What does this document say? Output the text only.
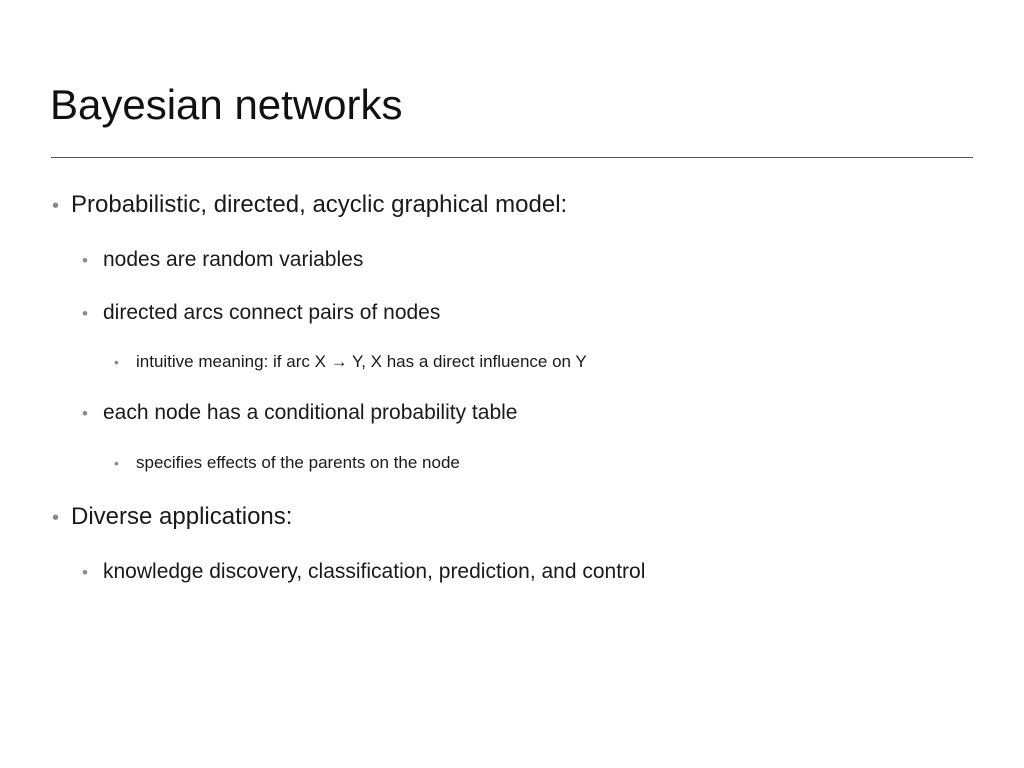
Bayesian networks
• Probabilistic, directed, acyclic graphical model:
• nodes are random variables
• directed arcs connect pairs of nodes
• intuitive meaning: if arc X → Y, X has a direct influence on Y
• each node has a conditional probability table
• specifies effects of the parents on the node
• Diverse applications:
• knowledge discovery, classification, prediction, and control
